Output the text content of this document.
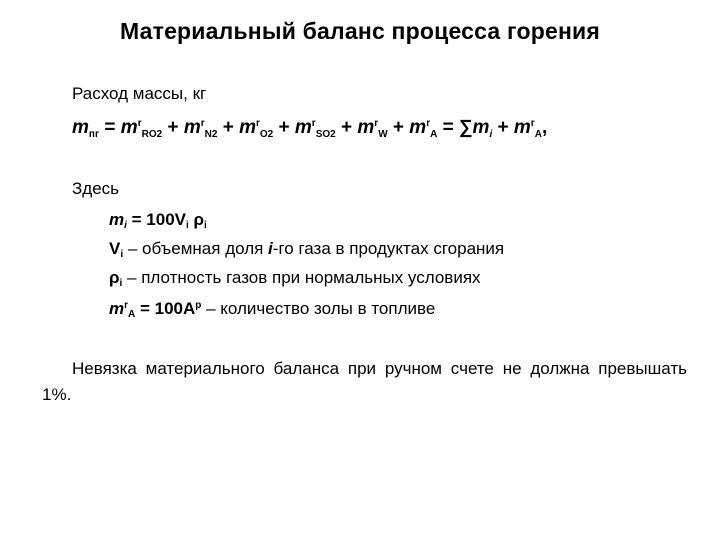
Материальный баланс процесса горения
Расход массы, кг
$m_{пг} = m^r_{RO2} + m^r_{N2} + m^r_{O2} + m^r_{SO2} + m^r_W + m^r_A = \sum m_i + m^r_A$,
Здесь
$m_i = 100V_i$ $\rho_i$
$V_i$ – объемная доля i-го газа в продуктах сгорания
$\rho_i$ – плотность газов при нормальных условиях
$m^r_A = 100A^р$ – количество золы в топливе
Невязка материального баланса при ручном счете не должна превышать 1%.
